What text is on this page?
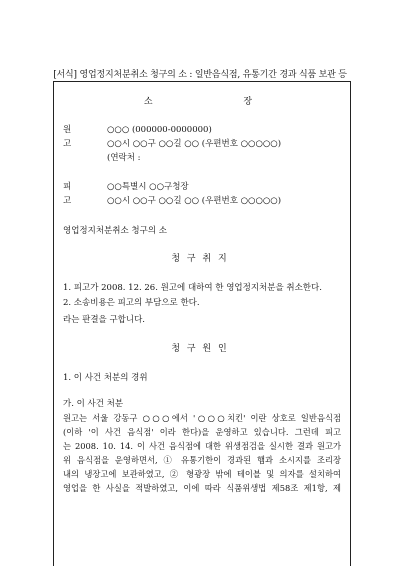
[서식] 영업정지처분취소 청구의 소 : 일반음식점, 유통기간 경과 식품 보관 등
소 장
원 고
○○○ (000000-0000000)
○○시 ○○구 ○○길 ○○ (우편번호 ○○○○○)
(연락처 :
피 고
○○특별시 ○○구청장
○○시 ○○구 ○○길 ○○ (우편번호 ○○○○○)
영업정지처분취소 청구의 소
청 구 취 지
1. 피고가 2008. 12. 26. 원고에 대하여 한 영업정지처분을 취소한다.
2. 소송비용은 피고의 부담으로 한다.
라는 판결을 구합니다.
청 구 원 인
1. 이 사건 처분의 경위
가. 이 사건 처분
원고는 서울 강동구 ○○○에서 '○○○치킨' 이란 상호로 일반음식점
(이하 '이 사건 음식점' 이라 한다)을 운영하고 있습니다. 그런데 피고
는 2008. 10. 14. 이 사건 음식점에 대한 위생점검을 실시한 결과 원고가
위 음식점을 운영하면서, ① 유통기한이 경과된 햄과 소시지를 조리장
내의 냉장고에 보관하였고, ② 형광장 밖에 테이블 및 의자를 설치하여
영업을 한 사실을 적발하였고, 이에 따라 식품위생법 제58조 제1항, 제
